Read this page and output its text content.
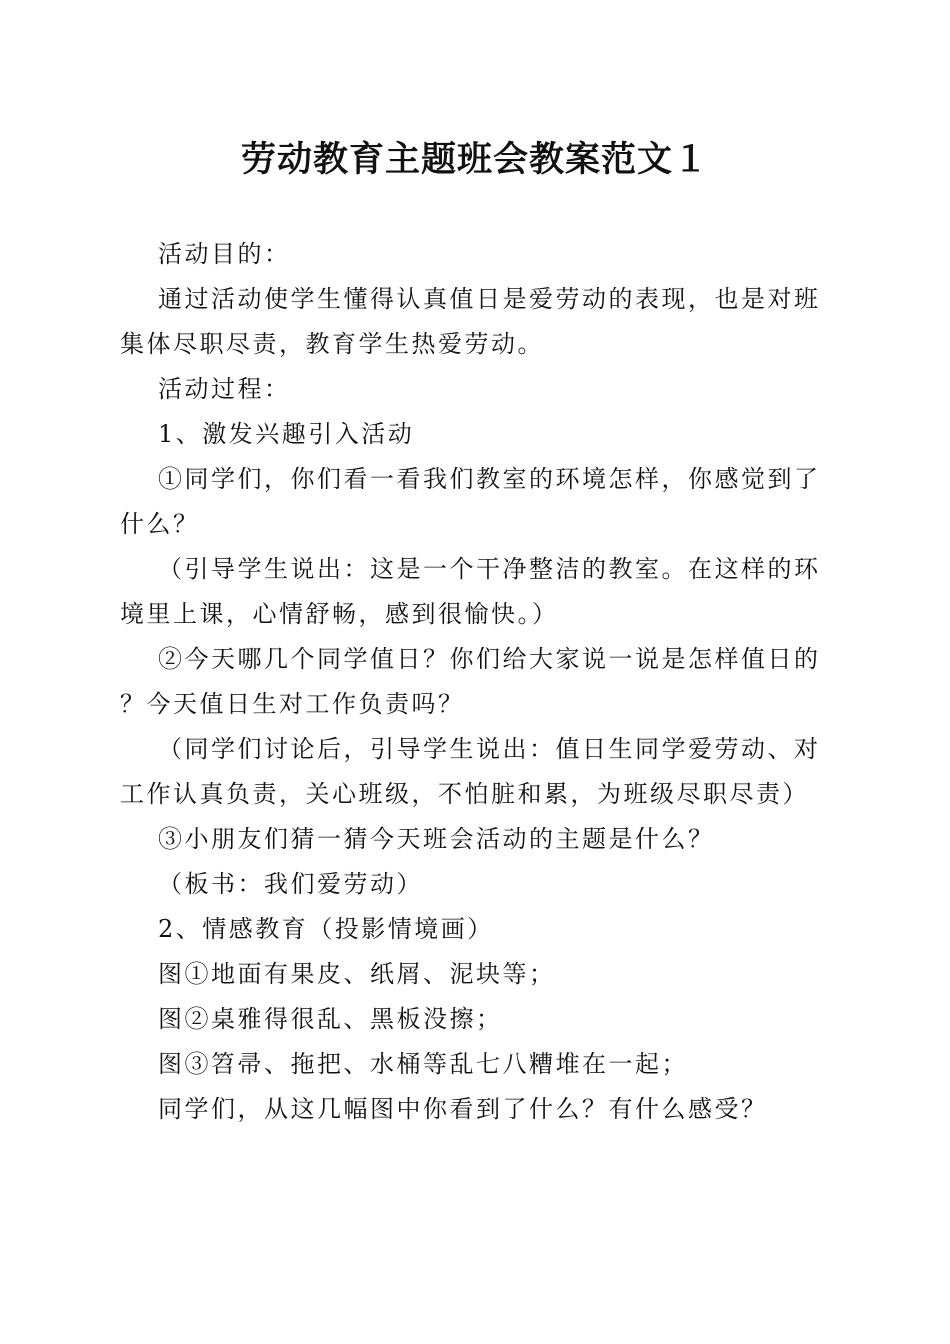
劳动教育主题班会教案范文１

活动目的：

通过活动使学生懂得认真值日是爱劳动的表现，也是对班集体尽职尽责，教育学生热爱劳动。

活动过程：

1、激发兴趣引入活动

①同学们，你们看一看我们教室的环境怎样，你感觉到了什么？

（引导学生说出：这是一个干净整洁的教室。在这样的环境里上课，心情舒畅，感到很愉快。）

②今天哪几个同学值日？你们给大家说一说是怎样值日的？今天值日生对工作负责吗？

（同学们讨论后，引导学生说出：值日生同学爱劳动、对工作认真负责，关心班级，不怕脏和累，为班级尽职尽责）

③小朋友们猜一猜今天班会活动的主题是什么？

（板书：我们爱劳动）

2、情感教育（投影情境画）

图①地面有果皮、纸屑、泥块等；

图②桌雅得很乱、黑板没擦；

图③笤帚、拖把、水桶等乱七八糟堆在一起；

同学们，从这几幅图中你看到了什么？有什么感受？
